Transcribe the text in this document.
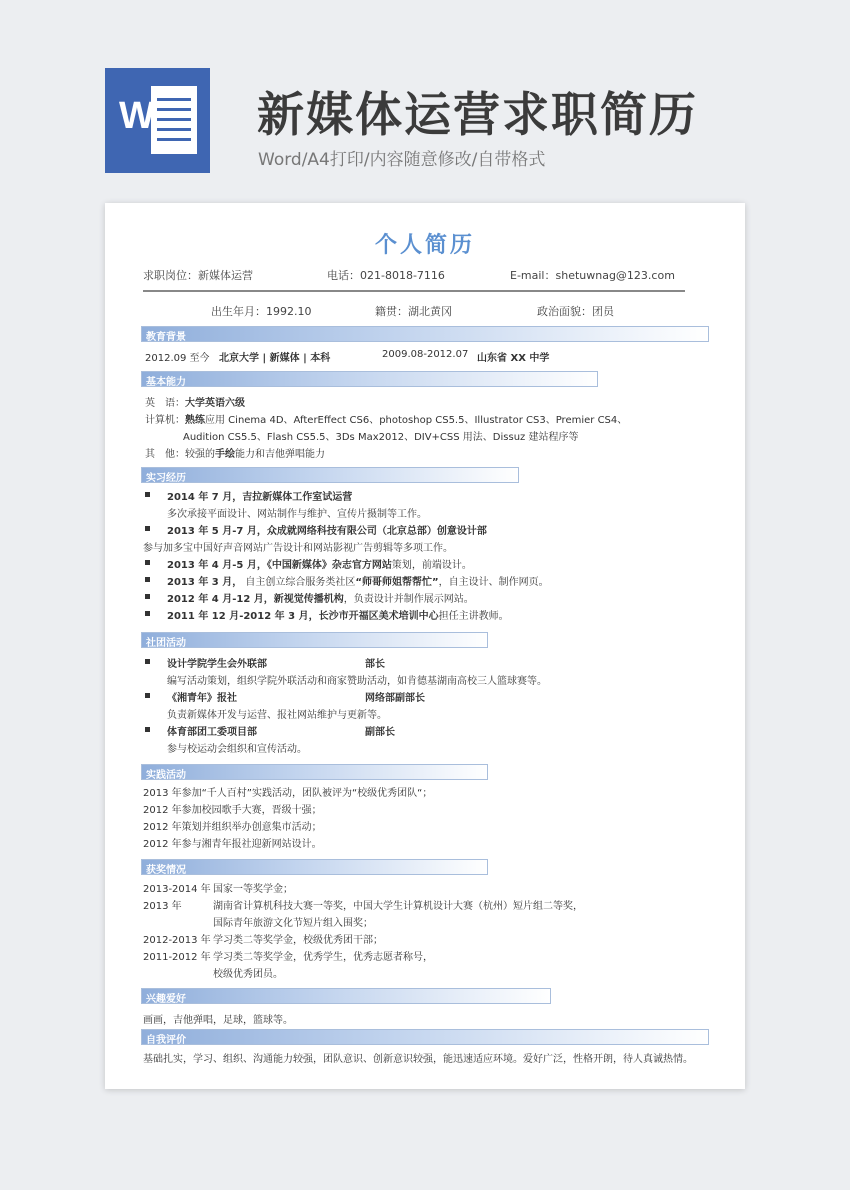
W 新媒体运营求职简历
Word/A4打印/内容随意修改/自带格式
个人简历
求职岗位：新媒体运营	电话：021-8018-7116	E-mail：shetuwnag@123.com
出生年月：1992.10	籍贯：湖北黄冈	政治面貌：团员
教育背景
2012.09 至今 北京大学 | 新媒体 | 本科	2009.08-2012.07 山东省 XX 中学
基本能力
英　语：大学英语六级
计算机：熟练应用 Cinema 4D、AfterEffect CS6、photoshop CS5.5、Illustrator CS3、Premier CS4、
Audition CS5.5、Flash CS5.5、3Ds Max2012、DIV+CSS 用法、Dissuz 建站程序等
其　他：较强的手绘能力和吉他弹唱能力
实习经历
2014 年 7 月，吉拉新媒体工作室试运营
多次承接平面设计、网站制作与维护、宣传片摄制等工作。
2013 年 5 月-7 月，众成就网络科技有限公司（北京总部）创意设计部
参与加多宝中国好声音网站广告设计和网站影视广告剪辑等多项工作。
2013 年 4 月-5 月，《中国新媒体》杂志官方网站策划，前端设计。
2013 年 3 月， 自主创立综合服务类社区“师哥师姐帮帮忙”，自主设计、制作网页。
2012 年 4 月-12 月，新视觉传播机构，负责设计并制作展示网站。
2011 年 12 月-2012 年 3 月，长沙市开福区美术培训中心担任主讲教师。
社团活动
设计学院学生会外联部	部长
编写活动策划，组织学院外联活动和商家赞助活动，如肯德基湖南高校三人篮球赛等。
《湘青年》报社	网络部副部长
负责新媒体开发与运营、报社网站维护与更新等。
体育部团工委项目部	副部长
参与校运动会组织和宣传活动。
实践活动
2013 年参加“千人百村”实践活动，团队被评为“校级优秀团队“；
2012 年参加校园歌手大赛，晋级十强；
2012 年策划并组织举办创意集市活动；
2012 年参与湘青年报社迎新网站设计。
获奖情况
2013-2014 年 国家一等奖学金；
2013 年	湖南省计算机科技大赛一等奖，中国大学生计算机设计大赛（杭州）短片组二等奖，
国际青年旅游文化节短片组入围奖；
2012-2013 年 学习类二等奖学金，校级优秀团干部；
2011-2012 年 学习类二等奖学金，优秀学生，优秀志愿者称号，
校级优秀团员。
兴趣爱好
画画，吉他弹唱，足球，篮球等。
自我评价
基础扎实，学习、组织、沟通能力较强，团队意识、创新意识较强，能迅速适应环境。爱好广泛，性格开朗，待人真诚热情。
